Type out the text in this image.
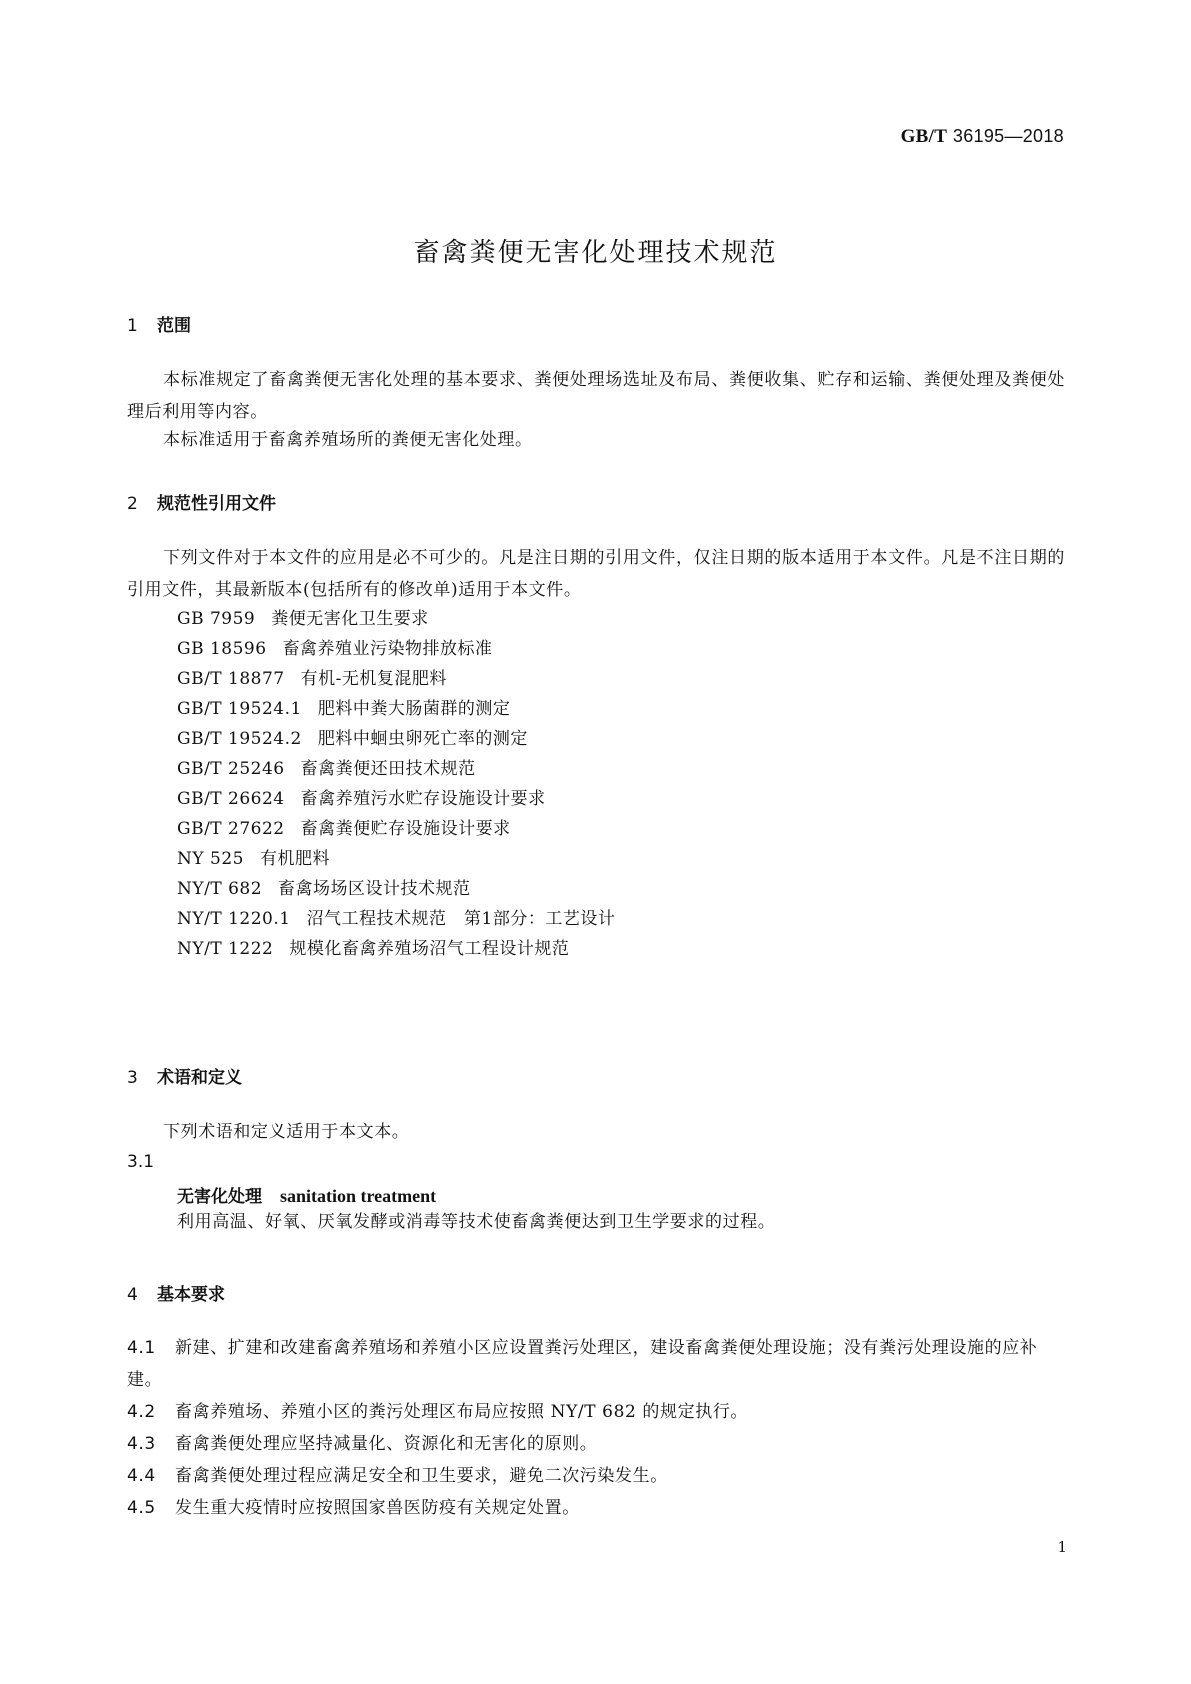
GB/T 36195—2018
畜禽粪便无害化处理技术规范
1 范围
本标准规定了畜禽粪便无害化处理的基本要求、粪便处理场选址及布局、粪便收集、贮存和运输、粪便处理及粪便处理后利用等内容。
本标准适用于畜禽养殖场所的粪便无害化处理。
2 规范性引用文件
下列文件对于本文件的应用是必不可少的。凡是注日期的引用文件，仅注日期的版本适用于本文件。凡是不注日期的引用文件，其最新版本(包括所有的修改单)适用于本文件。
GB 7959 粪便无害化卫生要求
GB 18596 畜禽养殖业污染物排放标准
GB/T 18877 有机-无机复混肥料
GB/T 19524.1 肥料中粪大肠菌群的测定
GB/T 19524.2 肥料中蛔虫卵死亡率的测定
GB/T 25246 畜禽粪便还田技术规范
GB/T 26624 畜禽养殖污水贮存设施设计要求
GB/T 27622 畜禽粪便贮存设施设计要求
NY 525 有机肥料
NY/T 682 畜禽场场区设计技术规范
NY/T 1220.1 沼气工程技术规范　第1部分：工艺设计
NY/T 1222 规模化畜禽养殖场沼气工程设计规范
3 术语和定义
下列术语和定义适用于本文本。
3.1
无害化处理 sanitation treatment
利用高温、好氧、厌氧发酵或消毒等技术使畜禽粪便达到卫生学要求的过程。
4 基本要求
4.1 新建、扩建和改建畜禽养殖场和养殖小区应设置粪污处理区，建设畜禽粪便处理设施；没有粪污处理设施的应补建。
4.2 畜禽养殖场、养殖小区的粪污处理区布局应按照 NY/T 682 的规定执行。
4.3 畜禽粪便处理应坚持减量化、资源化和无害化的原则。
4.4 畜禽粪便处理过程应满足安全和卫生要求，避免二次污染发生。
4.5 发生重大疫情时应按照国家兽医防疫有关规定处置。
1
